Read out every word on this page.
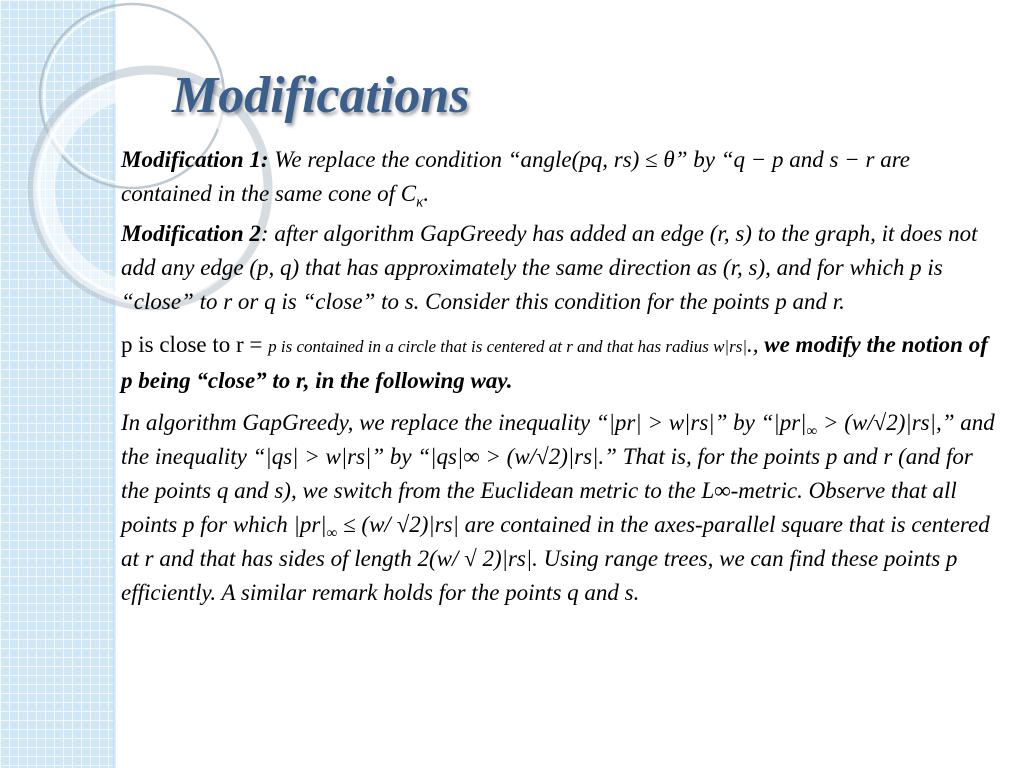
Modifications

Modification 1: We replace the condition “angle(pq, rs) ≤ θ” by “q − p and s − r are contained in the same cone of $C_\kappa$.

Modification 2: after algorithm GapGreedy has added an edge (r, s) to the graph, it does not add any edge (p, q) that has approximately the same direction as (r, s), and for which p is “close” to r or q is “close” to s. Consider this condition for the points p and r.

p is close to r = p is contained in a circle that is centered at r and that has radius w|rs|., we modify the notion of p being “close” to r, in the following way.

In algorithm GapGreedy, we replace the inequality “|pr| > w|rs|” by “$|pr|_\infty > (w/√2)|rs|$,” and the inequality “|qs| > w|rs|” by “|qs|∞ > (w/√2)|rs|.” That is, for the points p and r (and for the points q and s), we switch from the Euclidean metric to the L∞-metric. Observe that all points p for which $|pr|_\infty \le (w/$ √2)|rs| are contained in the axes-parallel square that is centered at r and that has sides of length 2(w/ √ 2)|rs|. Using range trees, we can find these points p efficiently. A similar remark holds for the points q and s.
